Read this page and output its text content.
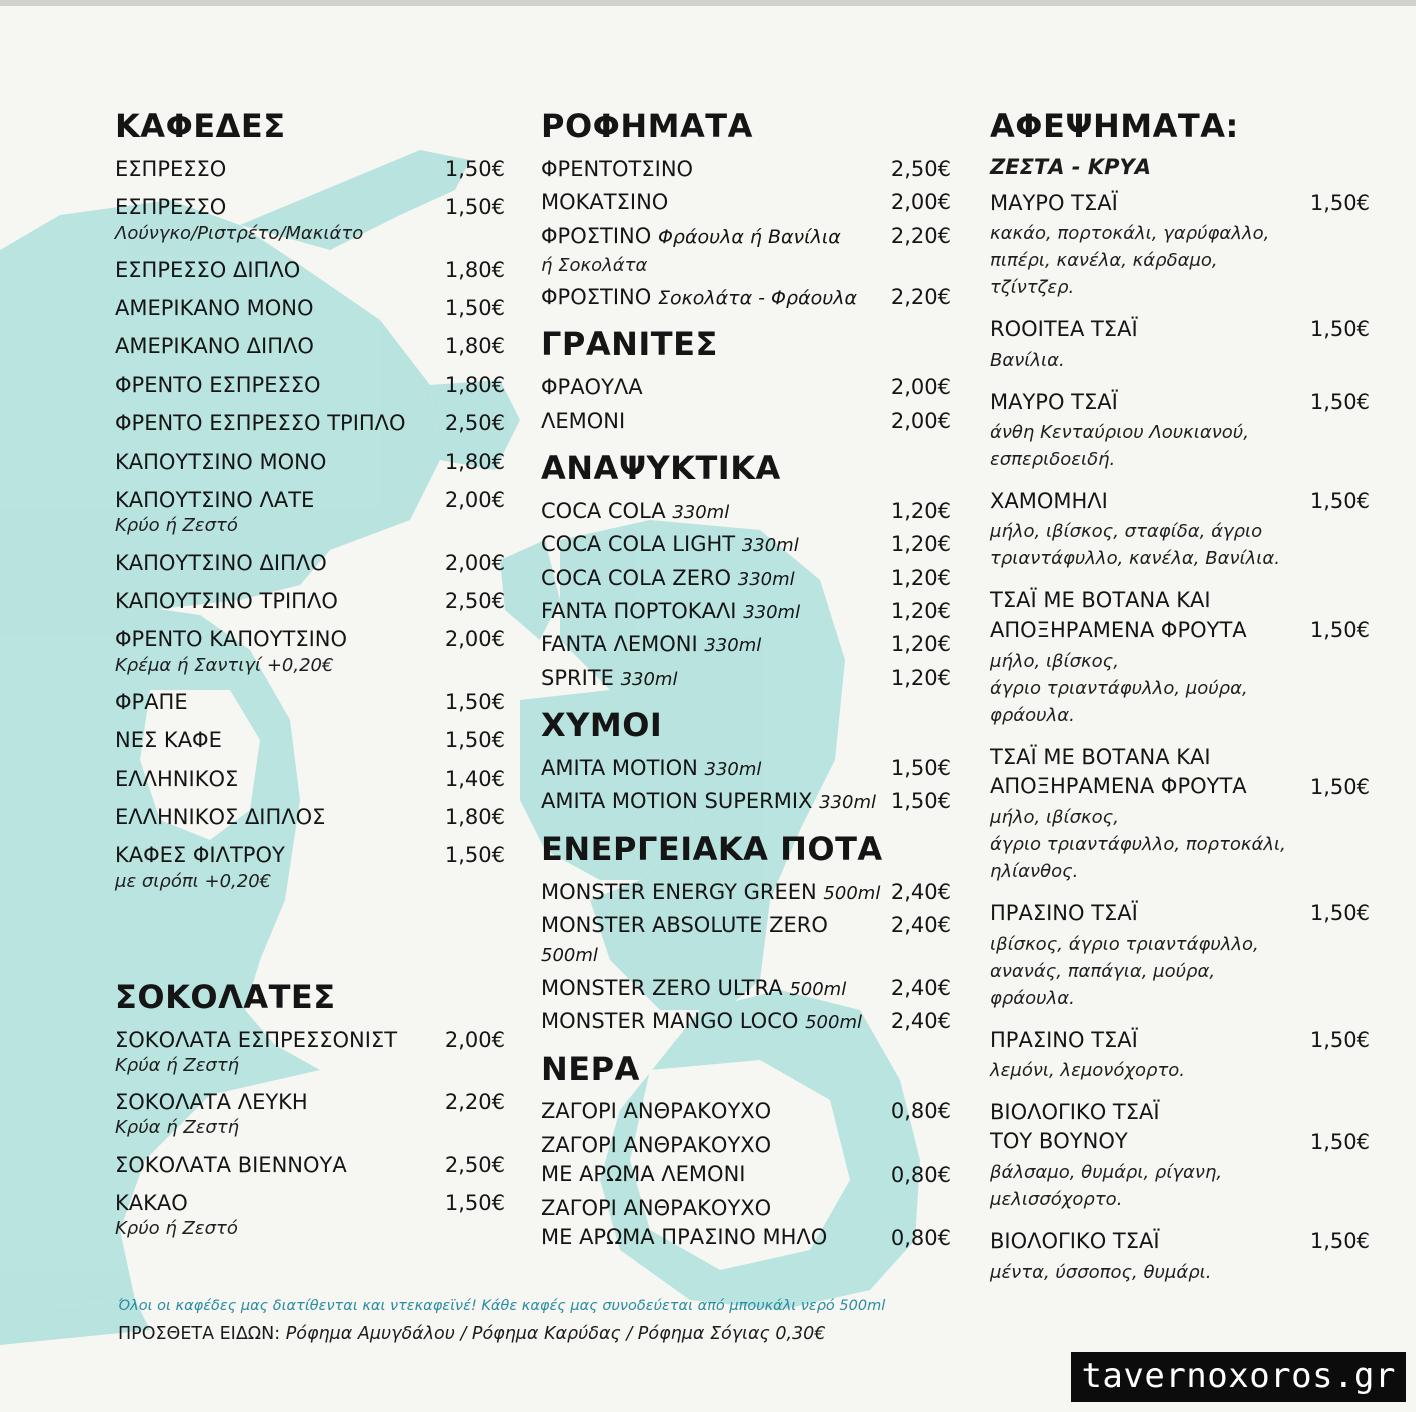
ΚΑΦΕΔΕΣ
ΕΣΠΡΕΣΣΟ	1,50€
ΕΣΠΡΕΣΣΟ	1,50€
Λούνγκο/Ριστρέτο/Μακιάτο
ΕΣΠΡΕΣΣΟ ΔΙΠΛΟ	1,80€
ΑΜΕΡΙΚΑΝΟ ΜΟΝΟ	1,50€
ΑΜΕΡΙΚΑΝΟ ΔΙΠΛΟ	1,80€
ΦΡΕΝΤΟ ΕΣΠΡΕΣΣΟ	1,80€
ΦΡΕΝΤΟ ΕΣΠΡΕΣΣΟ ΤΡΙΠΛΟ 2,50€
ΚΑΠΟΥΤΣΙΝΟ ΜΟΝΟ	1,80€
ΚΑΠΟΥΤΣΙΝΟ ΛΑΤΕ	2,00€
Κρύο ή Ζεστό
ΚΑΠΟΥΤΣΙΝΟ ΔΙΠΛΟ	2,00€
ΚΑΠΟΥΤΣΙΝΟ ΤΡΙΠΛΟ	2,50€
ΦΡΕΝΤΟ ΚΑΠΟΥΤΣΙΝΟ	2,00€
Κρέμα ή Σαντιγί +0,20€
ΦΡΑΠΕ	1,50€
ΝΕΣ ΚΑΦΕ	1,50€
ΕΛΛΗΝΙΚΟΣ	1,40€
ΕΛΛΗΝΙΚΟΣ ΔΙΠΛΟΣ	1,80€
ΚΑΦΕΣ ΦΙΛΤΡΟΥ	1,50€
με σιρόπι +0,20€
ΣΟΚΟΛΑΤΕΣ
ΣΟΚΟΛΑΤΑ ΕΣΠΡΕΣΣΟΝΙΣΤ 2,00€
Κρύα ή Ζεστή
ΣΟΚΟΛΑΤΑ ΛΕΥΚΗ	2,20€
Κρύα ή Ζεστή
ΣΟΚΟΛΑΤΑ ΒΙΕΝΝΟΥΑ	2,50€
ΚΑΚΑΟ	1,50€
Κρύο ή Ζεστό
ΡΟΦΗΜΑΤΑ
ΦΡΕΝΤΟΤΣΙΝΟ	2,50€
ΜΟΚΑΤΣΙΝΟ	2,00€
ΦΡΟΣΤΙΝΟ Φράουλα ή Βανίλια 2,20€
ή Σοκολάτα
ΦΡΟΣΤΙΝΟ Σοκολάτα - Φράουλα 2,20€
ΓΡΑΝΙΤΕΣ
ΦΡΑΟΥΛΑ	2,00€
ΛΕΜΟΝΙ	2,00€
ΑΝΑΨΥΚΤΙΚΑ
COCA COLA 330ml	1,20€
COCA COLA LIGHT 330ml	1,20€
COCA COLA ZERO 330ml	1,20€
FANTA ΠΟΡΤΟΚΑΛΙ 330ml	1,20€
FANTA ΛΕΜΟΝΙ 330ml	1,20€
SPRITE 330ml	1,20€
ΧΥΜΟΙ
AMITA MOTION 330ml	1,50€
AMITA MOTION SUPERMIX 330ml 1,50€
ΕΝΕΡΓΕΙΑΚΑ ΠΟΤΑ
MONSTER ENERGY GREEN 500ml 2,40€
MONSTER ABSOLUTE ZERO 500ml
2,40€
MONSTER ZERO ULTRA 500ml 2,40€
MONSTER MANGO LOCO 500ml 2,40€
ΝΕΡΑ
ΖΑΓΟΡΙ ΑΝΘΡΑΚΟΥΧΟ	0,80€
ΖΑΓΟΡΙ ΑΝΘΡΑΚΟΥΧΟ
ΜΕ ΑΡΩΜΑ ΛΕΜΟΝΙ	0,80€
ΖΑΓΟΡΙ ΑΝΘΡΑΚΟΥΧΟ
ΜΕ ΑΡΩΜΑ ΠΡΑΣΙΝΟ ΜΗΛΟ	0,80€
ΑΦΕΨΗΜΑΤΑ:
ΖΕΣΤΑ - ΚΡΥΑ
ΜΑΥΡΟ ΤΣΑΪ	1,50€
κακάο, πορτοκάλι, γαρύφαλλο,
πιπέρι, κανέλα, κάρδαμο,
τζίντζερ.
ROOITEA ΤΣΑΪ	1,50€
Βανίλια.
ΜΑΥΡΟ ΤΣΑΪ	1,50€
άνθη Κενταύριου Λουκιανού,
εσπεριδοειδή.
ΧΑΜΟΜΗΛΙ	1,50€
μήλο, ιβίσκος, σταφίδα, άγριο
τριαντάφυλλο, κανέλα, Βανίλια.
ΤΣΑΪ ΜΕ ΒΟΤΑΝΑ ΚΑΙ
ΑΠΟΞΗΡΑΜΕΝΑ ΦΡΟΥΤΑ	1,50€
μήλο, ιβίσκος,
άγριο τριαντάφυλλο, μούρα,
φράουλα.
ΤΣΑΪ ΜΕ ΒΟΤΑΝΑ ΚΑΙ
ΑΠΟΞΗΡΑΜΕΝΑ ΦΡΟΥΤΑ	1,50€
μήλο, ιβίσκος,
άγριο τριαντάφυλλο, πορτοκάλι,
ηλίανθος.
ΠΡΑΣΙΝΟ ΤΣΑΪ	1,50€
ιβίσκος, άγριο τριαντάφυλλο,
ανανάς, παπάγια, μούρα,
φράουλα.
ΠΡΑΣΙΝΟ ΤΣΑΪ	1,50€
λεμόνι, λεμονόχορτο.
ΒΙΟΛΟΓΙΚΟ ΤΣΑΪ
ΤΟΥ ΒΟΥΝΟΥ	1,50€
βάλσαμο, θυμάρι, ρίγανη,
μελισσόχορτο.
ΒΙΟΛΟΓΙΚΟ ΤΣΑΪ	1,50€
μέντα, ύσσοπος, θυμάρι.
Όλοι οι καφέδες μας διατίθενται και ντεκαφεϊνέ! Κάθε καφές μας συνοδεύεται από μπουκάλι νερό 500ml
ΠΡΟΣΘΕΤΑ ΕΙΔΩΝ: Ρόφημα Αμυγδάλου / Ρόφημα Καρύδας / Ρόφημα Σόγιας 0,30€
tavernoxoros.gr
